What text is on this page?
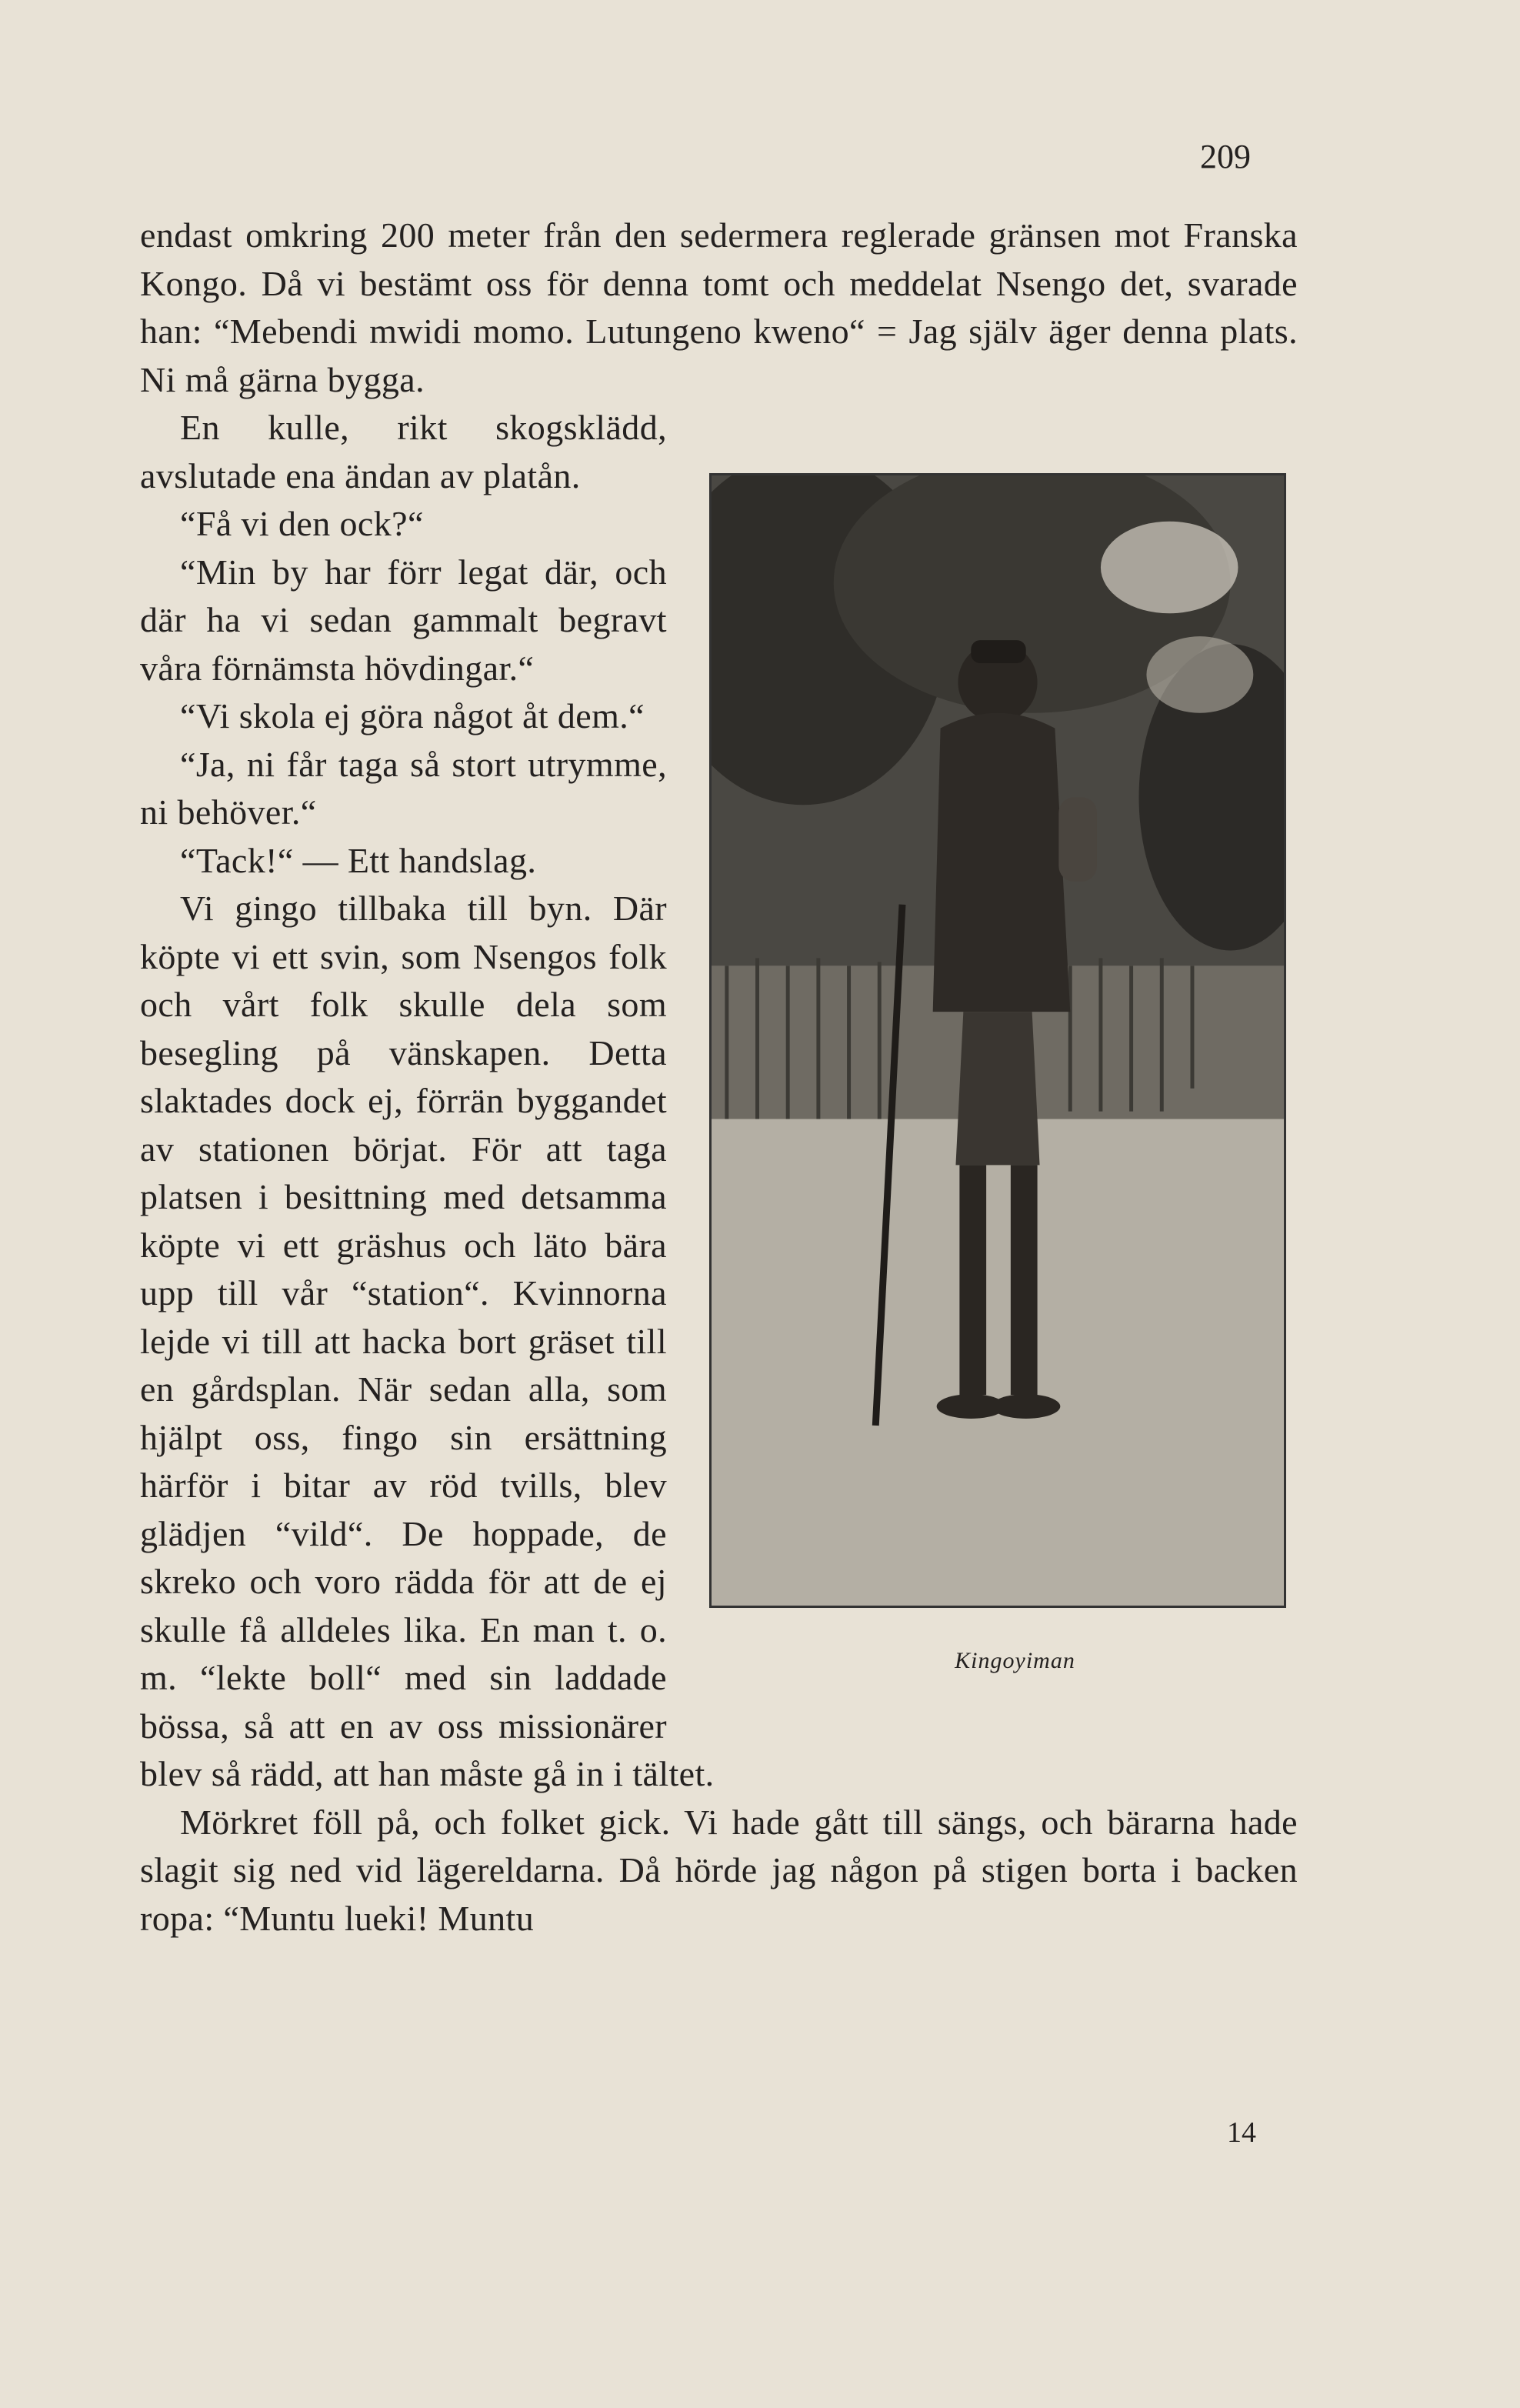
209

endast omkring 200 meter från den sedermera reglerade gränsen mot Franska Kongo. Då vi bestämt oss för denna tomt och meddelat Nsengo det, svarade han: “Mebendi mwidi momo. Lutungeno kweno“ = Jag själv äger denna plats. Ni må gärna bygga.

Kingoyiman

En kulle, rikt skogsklädd, avslutade ena ändan av platån.

“Få vi den ock?“

“Min by har förr legat där, och där ha vi sedan gammalt begravt våra förnämsta hövdingar.“

“Vi skola ej göra något åt dem.“

“Ja, ni får taga så stort utrymme, ni behöver.“

“Tack!“ — Ett handslag.

Vi gingo tillbaka till byn. Där köpte vi ett svin, som Nsengos folk och vårt folk skulle dela som besegling på vänskapen. Detta slaktades dock ej, förrän byggandet av stationen börjat. För att taga platsen i besittning med detsamma köpte vi ett gräshus och läto bära upp till vår “station“. Kvinnorna lejde vi till att hacka bort gräset till en gårdsplan. När sedan alla, som hjälpt oss, fingo sin ersättning härför i bitar av röd tvills, blev glädjen “vild“. De hoppade, de skreko och voro rädda för att de ej skulle få alldeles lika. En man t. o. m. “lekte boll“ med sin laddade bössa, så att en av oss missionärer blev så rädd, att han måste gå in i tältet.

Mörkret föll på, och folket gick. Vi hade gått till sängs, och bärarna hade slagit sig ned vid lägereldarna. Då hörde jag någon på stigen borta i backen ropa: “Muntu lueki! Muntu

14
